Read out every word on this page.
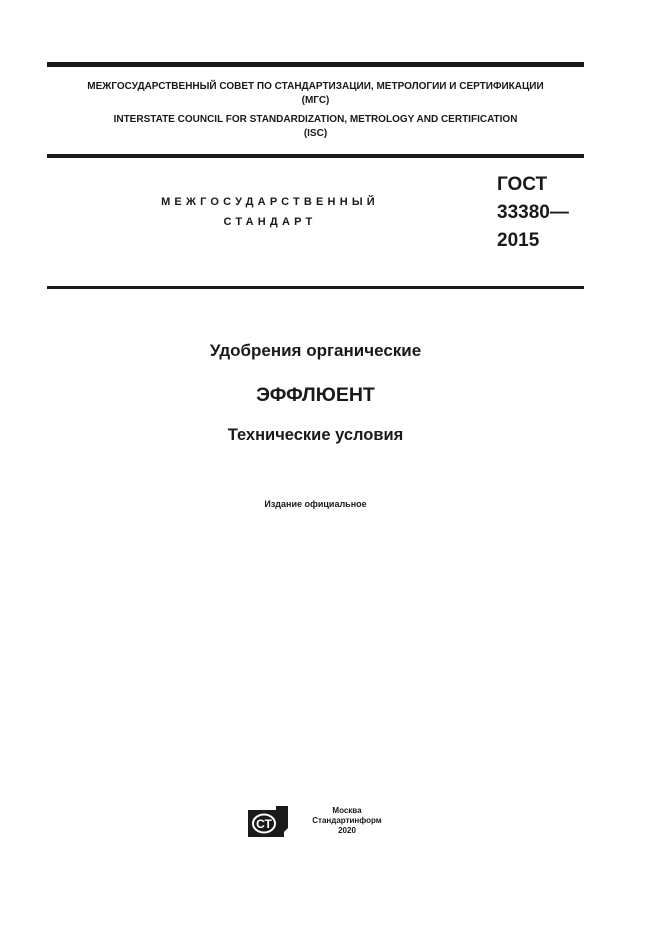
МЕЖГОСУДАРСТВЕННЫЙ СОВЕТ ПО СТАНДАРТИЗАЦИИ, МЕТРОЛОГИИ И СЕРТИФИКАЦИИ
(МГС)
INTERSTATE COUNCIL FOR STANDARDIZATION, METROLOGY AND CERTIFICATION
(ISC)
МЕЖГОСУДАРСТВЕННЫЙ
СТАНДАРТ
ГОСТ
33380—
2015
Удобрения органические
ЭФФЛЮЕНТ
Технические условия
Издание официальное
СТ
Москва
Стандартинформ
2020
